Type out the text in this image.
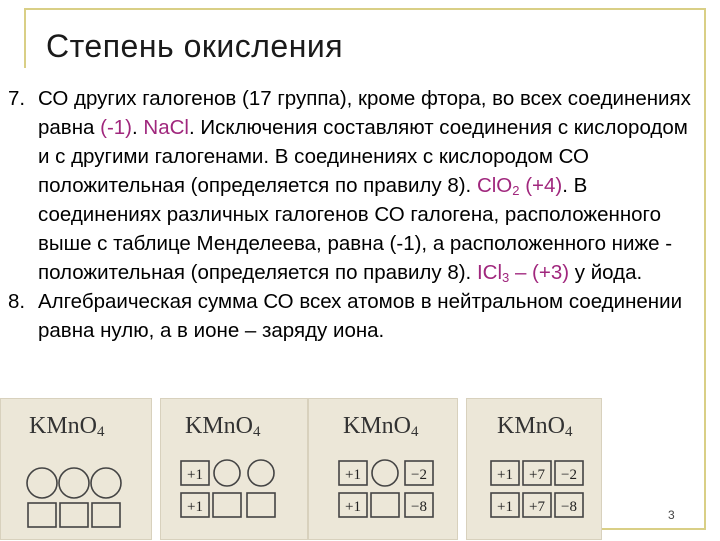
Степень окисления
7. СО других галогенов (17 группа), кроме фтора, во всех соединениях равна (-1). NaCl. Исключения составляют соединения с кислородом и с другими галогенами. В соединениях с кислородом СО положительная (определяется по правилу 8). ClO$_2$ (+4). В соединениях различных галогенов СО галогена, расположенного выше с таблице Менделеева, равна (-1), а расположенного ниже - положительная (определяется по правилу 8). ICl$_3$ – (+3) у йода.
8. Алгебраическая сумма СО всех атомов в нейтральном соединении равна нулю, а в ионе – заряду иона.
KMnO$_4$	KMnO$_4$
+1
+1
KMnO$_4$
+1	−2
+1	−8
KMnO$_4$
+1 +7 −2
+1 +7 −8	3
